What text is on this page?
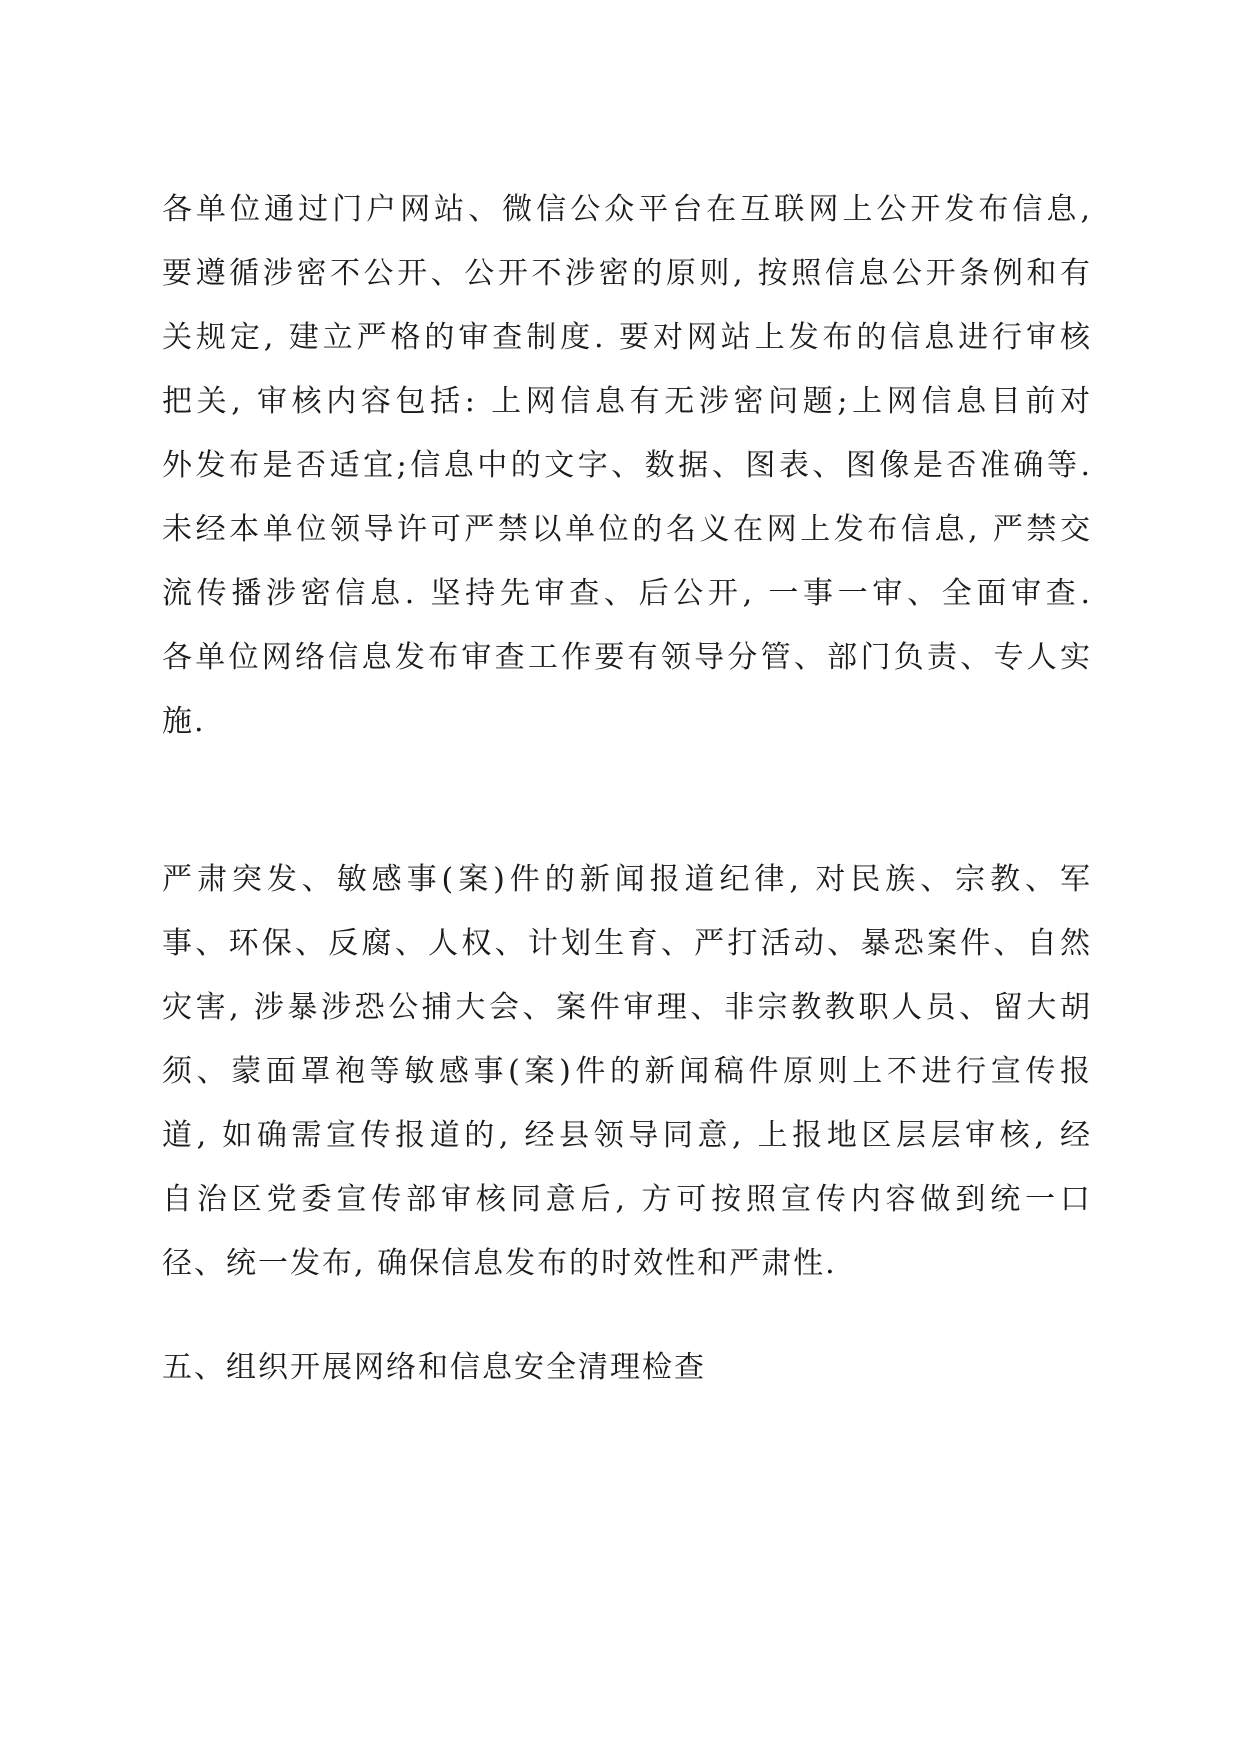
各单位通过门户网站、微信公众平台在互联网上公开发布信息,
要遵循涉密不公开、公开不涉密的原则, 按照信息公开条例和有
关规定, 建立严格的审查制度. 要对网站上发布的信息进行审核
把关, 审核内容包括: 上网信息有无涉密问题;上网信息目前对
外发布是否适宜;信息中的文字、数据、图表、图像是否准确等.
未经本单位领导许可严禁以单位的名义在网上发布信息, 严禁交
流传播涉密信息. 坚持先审查、后公开, 一事一审、全面审查.
各单位网络信息发布审查工作要有领导分管、部门负责、专人实
施.
严肃突发、敏感事(案)件的新闻报道纪律, 对民族、宗教、军
事、环保、反腐、人权、计划生育、严打活动、暴恐案件、自然
灾害, 涉暴涉恐公捕大会、案件审理、非宗教教职人员、留大胡
须、蒙面罩袍等敏感事(案)件的新闻稿件原则上不进行宣传报
道, 如确需宣传报道的, 经县领导同意, 上报地区层层审核, 经
自治区党委宣传部审核同意后, 方可按照宣传内容做到统一口
径、统一发布, 确保信息发布的时效性和严肃性.
五、组织开展网络和信息安全清理检查
